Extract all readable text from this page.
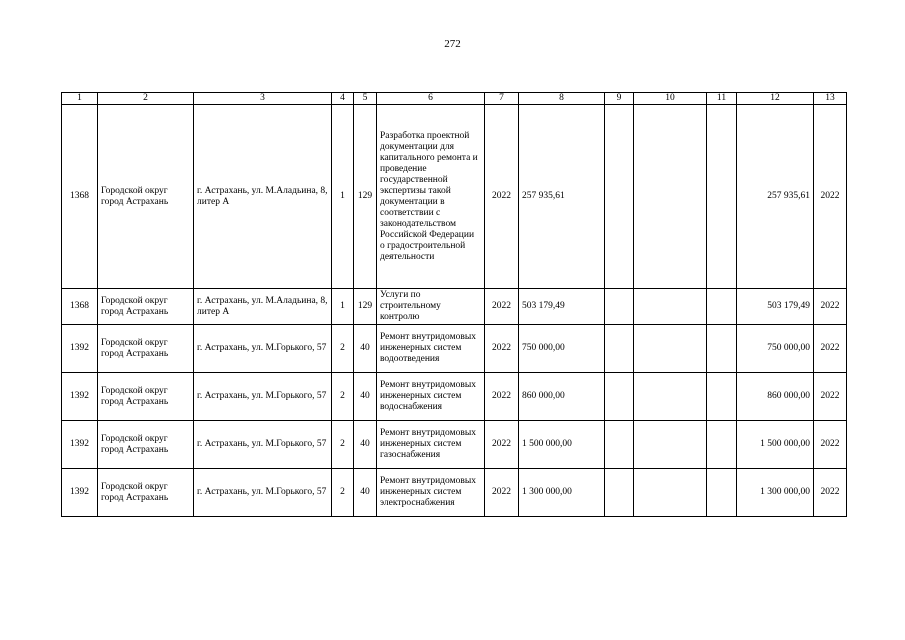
272
1	2	3	4	5	6	7	8	9	10	11	12	13
1368	Городской округ город Астрахань	г. Астрахань, ул. М.Аладьина, 8, литер А	1	129	Разработка проектной документации для капитального ремонта и проведение государственной экспертизы такой документации в соответствии с законодательством Российской Федерации о градостроительной деятельности	2022	257 935,61				257 935,61	2022
1368	Городской округ город Астрахань	г. Астрахань, ул. М.Аладьина, 8, литер А	1	129	Услуги по строительному контролю	2022	503 179,49				503 179,49	2022
1392	Городской округ город Астрахань	г. Астрахань, ул. М.Горького, 57	2	40	Ремонт внутридомовых инженерных систем водоотведения	2022	750 000,00				750 000,00	2022
1392	Городской округ город Астрахань	г. Астрахань, ул. М.Горького, 57	2	40	Ремонт внутридомовых инженерных систем водоснабжения	2022	860 000,00				860 000,00	2022
1392	Городской округ город Астрахань	г. Астрахань, ул. М.Горького, 57	2	40	Ремонт внутридомовых инженерных систем газоснабжения	2022	1 500 000,00				1 500 000,00	2022
1392	Городской округ город Астрахань	г. Астрахань, ул. М.Горького, 57	2	40	Ремонт внутридомовых инженерных систем электроснабжения	2022	1 300 000,00				1 300 000,00	2022
